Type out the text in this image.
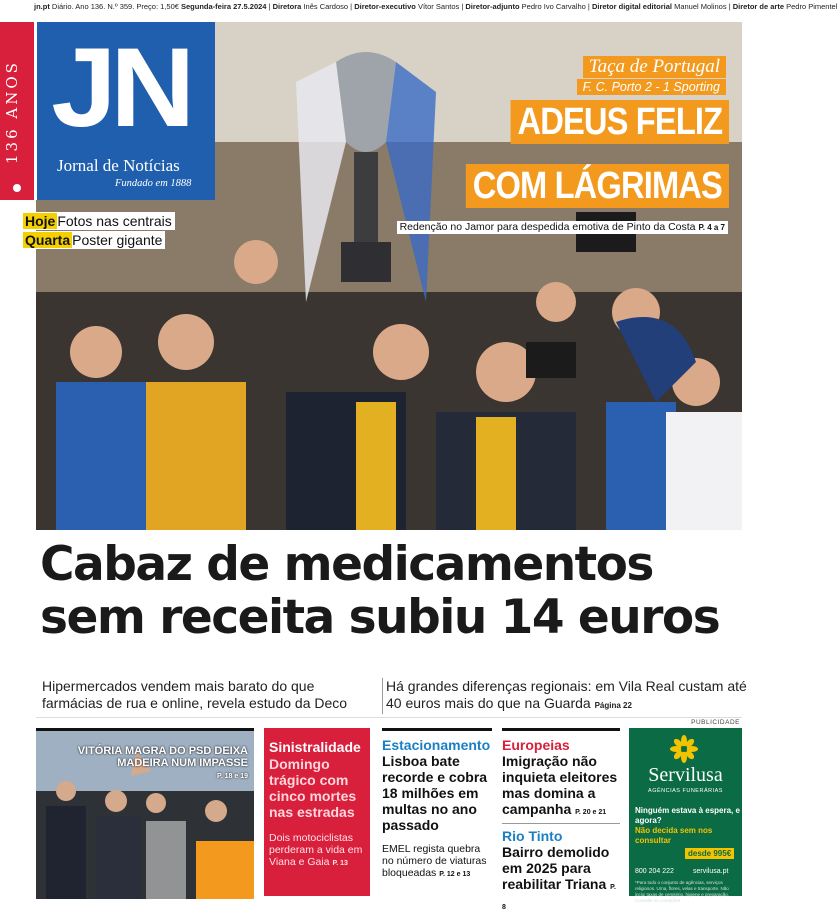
jn.pt Diário. Ano 136. N.º 359. Preço: 1,50€ Segunda-feira 27.5.2024 | Diretora Inês Cardoso | Diretor-executivo Vítor Santos | Diretor-adjunto Pedro Ivo Carvalho | Diretor digital editorial Manuel Molinos | Diretor de arte Pedro Pimentel
Taça de Portugal
F. C. Porto 2 - 1 Sporting
ADEUS FELIZ
COM LÁGRIMAS
Redenção no Jamor para despedida emotiva de Pinto da Costa P. 4 a 7
136 ANOS JN
Jornal de Notícias
Fundado em 1888
Hoje Fotos nas centrais
Quarta Poster gigante
Cabaz de medicamentos
sem receita subiu 14 euros
Hipermercados vendem mais barato do que farmácias de rua e online, revela estudo da Deco
Há grandes diferenças regionais: em Vila Real custam até 40 euros mais do que na Guarda Página 22
PUBLICIDADE
VITÓRIA MAGRA DO PSD DEIXA MADEIRA NUM IMPASSE
P. 18 e 19
Sinistralidade
Domingo trágico com cinco mortes nas estradas
Dois motociclistas perderam a vida em Viana e Gaia P. 13
Estacionamento
Lisboa bate recorde e cobra 18 milhões em multas no ano passado
EMEL regista quebra no número de viaturas bloqueadas P. 12 e 13
Europeias
Imigração não inquieta eleitores mas domina a campanha P. 20 e 21
Rio Tinto
Bairro demolido em 2025 para reabilitar Triana P. 8
Servilusa
AGÊNCIAS FUNERÁRIAS
Ninguém estava à espera, e agora?
Não decida sem nos consultar
desde 995€
800 204 222	servilusa.pt
*Para todo o conjunto de agências, serviços religiosos. Urna, flores, velas e transporte. Não inclui taxas de cemitério, higiene e preparação. Consulte as condições.
